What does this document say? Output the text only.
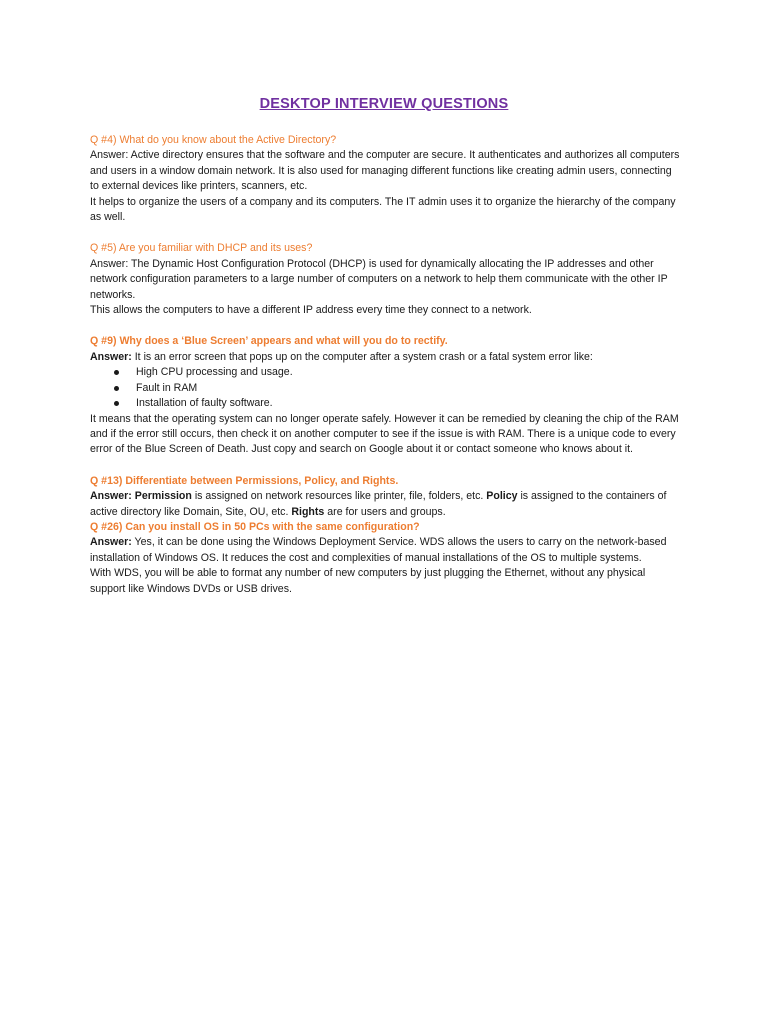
DESKTOP INTERVIEW QUESTIONS

Q #4) What do you know about the Active Directory?

Answer: Active directory ensures that the software and the computer are secure. It authenticates and authorizes all computers and users in a window domain network. It is also used for managing different functions like creating admin users, connecting to external devices like printers, scanners, etc.

It helps to organize the users of a company and its computers. The IT admin uses it to organize the hierarchy of the company as well.

Q #5) Are you familiar with DHCP and its uses?

Answer: The Dynamic Host Configuration Protocol (DHCP) is used for dynamically allocating the IP addresses and other network configuration parameters to a large number of computers on a network to help them communicate with the other IP networks.

This allows the computers to have a different IP address every time they connect to a network.

Q #9) Why does a ‘Blue Screen’ appears and what will you do to rectify.

Answer: It is an error screen that pops up on the computer after a system crash or a fatal system error like:

High CPU processing and usage.
Fault in RAM
Installation of faulty software.

It means that the operating system can no longer operate safely. However it can be remedied by cleaning the chip of the RAM and if the error still occurs, then check it on another computer to see if the issue is with RAM. There is a unique code to every error of the Blue Screen of Death. Just copy and search on Google about it or contact someone who knows about it.

Q #13) Differentiate between Permissions, Policy, and Rights.

Answer: Permission is assigned on network resources like printer, file, folders, etc. Policy is assigned to the containers of active directory like Domain, Site, OU, etc. Rights are for users and groups.

Q #26) Can you install OS in 50 PCs with the same configuration?

Answer: Yes, it can be done using the Windows Deployment Service. WDS allows the users to carry on the network-based installation of Windows OS. It reduces the cost and complexities of manual installations of the OS to multiple systems.

With WDS, you will be able to format any number of new computers by just plugging the Ethernet, without any physical support like Windows DVDs or USB drives.
